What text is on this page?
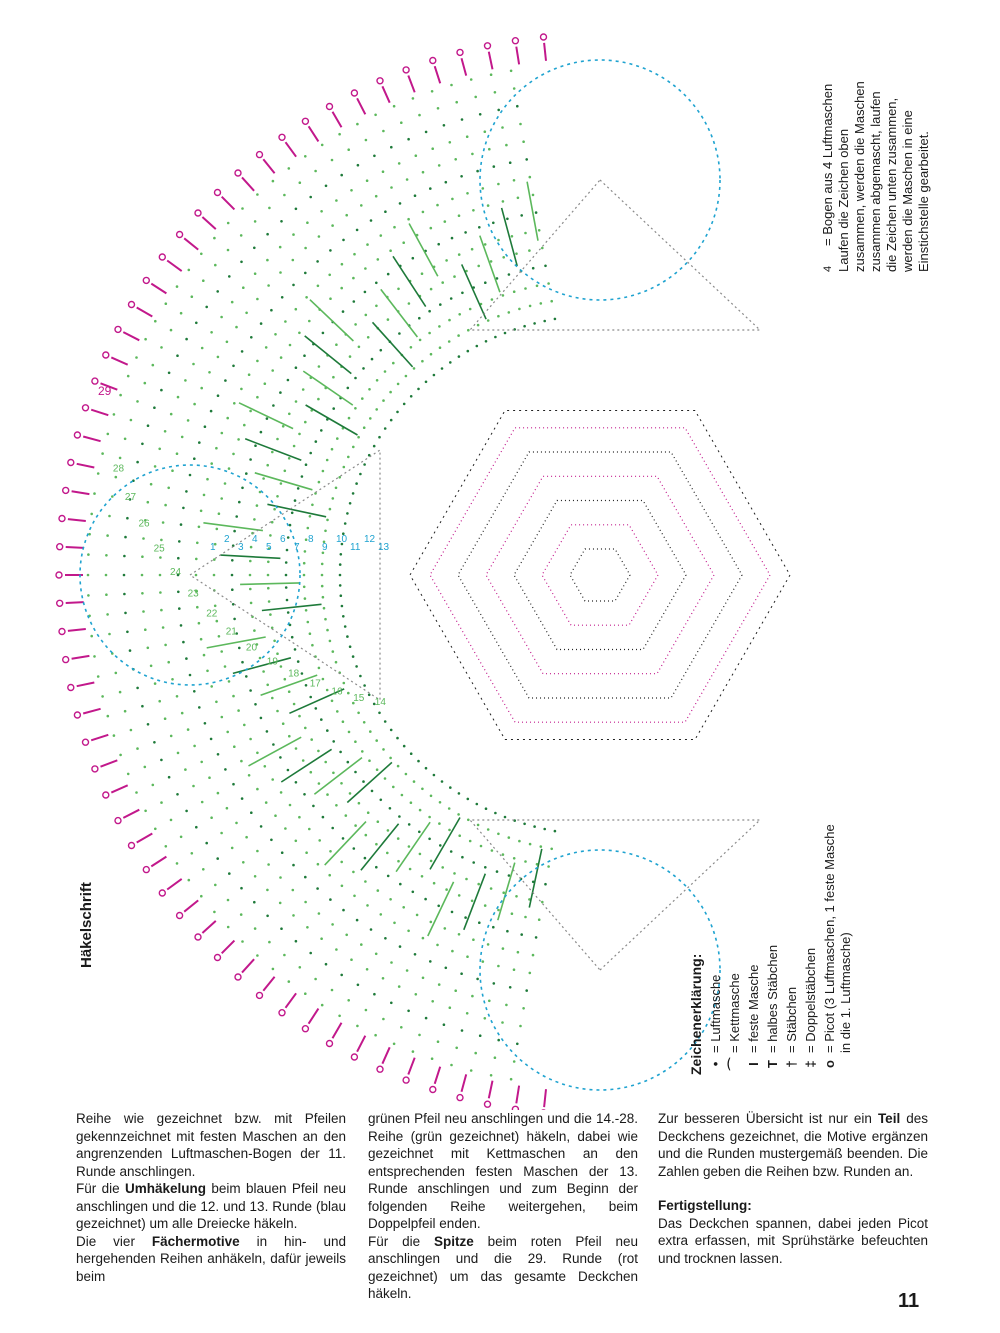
29
14
15
16
17
18
19
20
21
22
23
24
25
26
27
28
1
2
3
4
5
6
7
8
9
10
11
12
13
Häkelschrift
Zeichenerklärung: •
= Luftmasche
⌒
= Kettmasche
I
= feste Masche
T
= halbes Stäbchen
†
= Stäbchen
‡
= Doppelstäbchen
o
= Picot (3 Luftmaschen, 1 feste Masche in die 1. Luftmasche)
4
= Bogen aus 4 Luftmaschen Laufen die Zeichen oben zusammen, werden die Maschen zusammen abgemascht, laufen die Zeichen unten zusammen, werden die Maschen in eine Einstichstelle gearbeitet.

Reihe wie gezeichnet bzw. mit Pfeilen gekennzeichnet mit festen Maschen an den angrenzenden Luftmaschen-Bogen der 11. Runde anschlingen.

Für die Umhäkelung beim blauen Pfeil neu anschlingen und die 12. und 13. Runde (blau gezeichnet) um alle Dreiecke häkeln.

Die vier Fächermotive in hin- und hergehenden Reihen anhäkeln, dafür jeweils beim

grünen Pfeil neu anschlingen und die 14.-28. Reihe (grün gezeichnet) häkeln, dabei wie gezeichnet mit Kettmaschen an den entsprechenden festen Maschen der 13. Runde anschlingen und zum Beginn der folgenden Reihe weitergehen, beim Doppelpfeil enden.

Für die Spitze beim roten Pfeil neu anschlingen und die 29. Runde (rot gezeichnet) um das gesamte Deckchen häkeln.

Zur besseren Übersicht ist nur ein Teil des Deckchens gezeichnet, die Motive ergänzen und die Runden mustergemäß beenden. Die Zahlen geben die Reihen bzw. Runden an.

Fertigstellung:

Das Deckchen spannen, dabei jeden Picot extra erfassen, mit Sprühstärke befeuchten und trocknen lassen.

11
